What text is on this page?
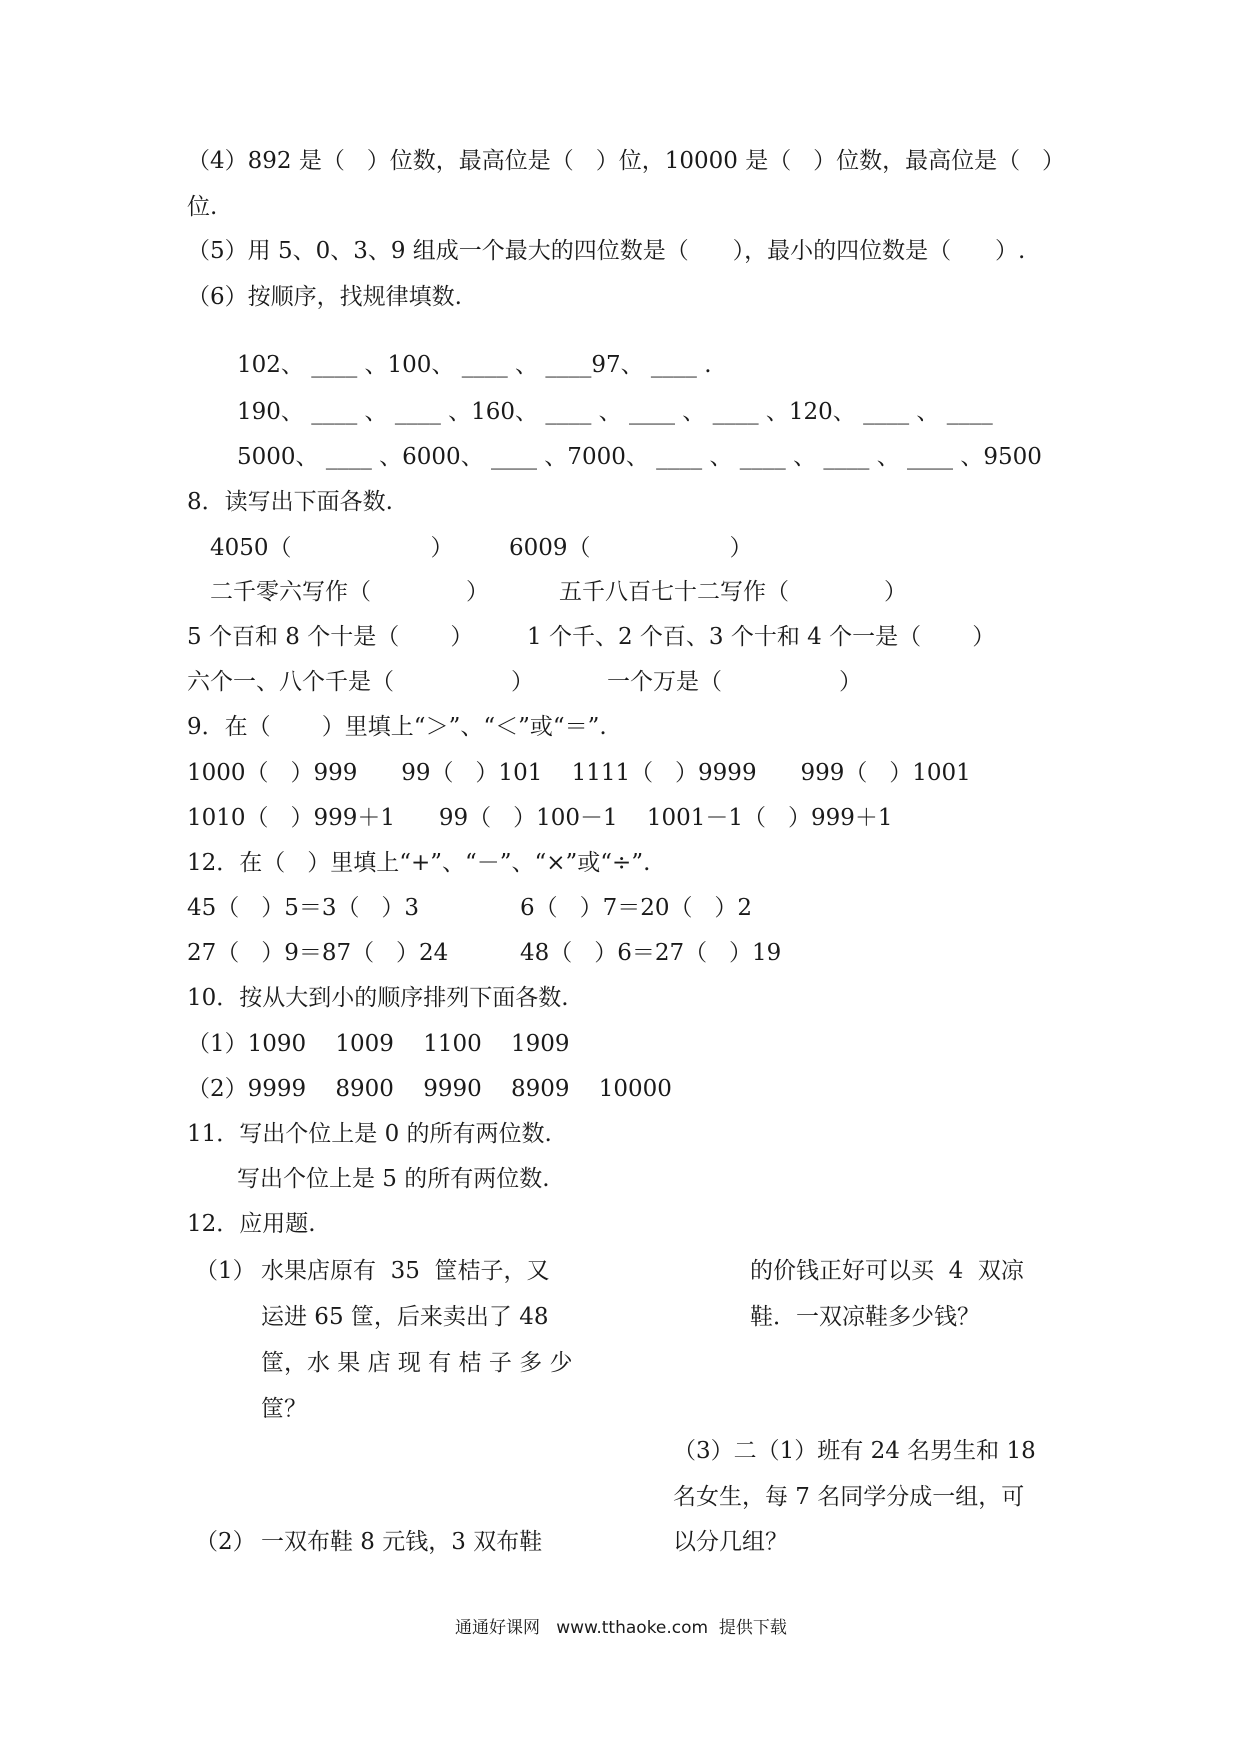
（4）892 是（   ）位数，最高位是（   ）位，10000 是（   ）位数，最高位是（   ）
位.
（5）用 5、0、3、9 组成一个最大的四位数是（      ），最小的四位数是（      ）.
（6）按顺序，找规律填数.
102、 ____ 、100、 ____ 、 ____97、 ____ .
190、 ____ 、 ____ 、160、 ____ 、 ____ 、 ____ 、120、 ____ 、 ____
5000、 ____ 、6000、 ____ 、7000、 ____ 、 ____ 、 ____ 、 ____ 、9500
8．读写出下面各数.
4050（                   ） 6009（                   ）
二千零六写作（             ）	五千八百七十二写作（             ）
5 个百和 8 个十是（       ） 1 个千、2 个百、3 个十和 4 个一是（       ）
六个一、八个千是（                ）	一个万是（                ）
9．在（       ）里填上“＞”、“＜”或“＝”.
1000（   ）999      99（   ）101    1111（   ）9999      999（   ）1001
1010（   ）999＋1      99（   ）100－1    1001－1（   ）999＋1
12．在（   ）里填上“+”、“－”、“×”或“÷”.
45（   ）5＝3（   ）3	6（   ）7＝20（   ）2
27（   ）9＝87（   ）24	48（   ）6＝27（   ）19
10．按从大到小的顺序排列下面各数.
（1）1090    1009    1100    1909
（2）9999    8900    9990    8909    10000
11．写出个位上是 0 的所有两位数.
写出个位上是 5 的所有两位数.
12．应用题.
（1） 水果店原有  35  筐桔子，又
运进 65 筐，后来卖出了 48
筐，水 果 店 现 有 桔 子 多 少
筐？
的价钱正好可以买  4  双凉
鞋．一双凉鞋多少钱？
（3）二（1）班有 24 名男生和 18
名女生，每 7 名同学分成一组，可
以分几组？
（2） 一双布鞋 8 元钱，3 双布鞋
通通好课网   www.tthaoke.com  提供下载
